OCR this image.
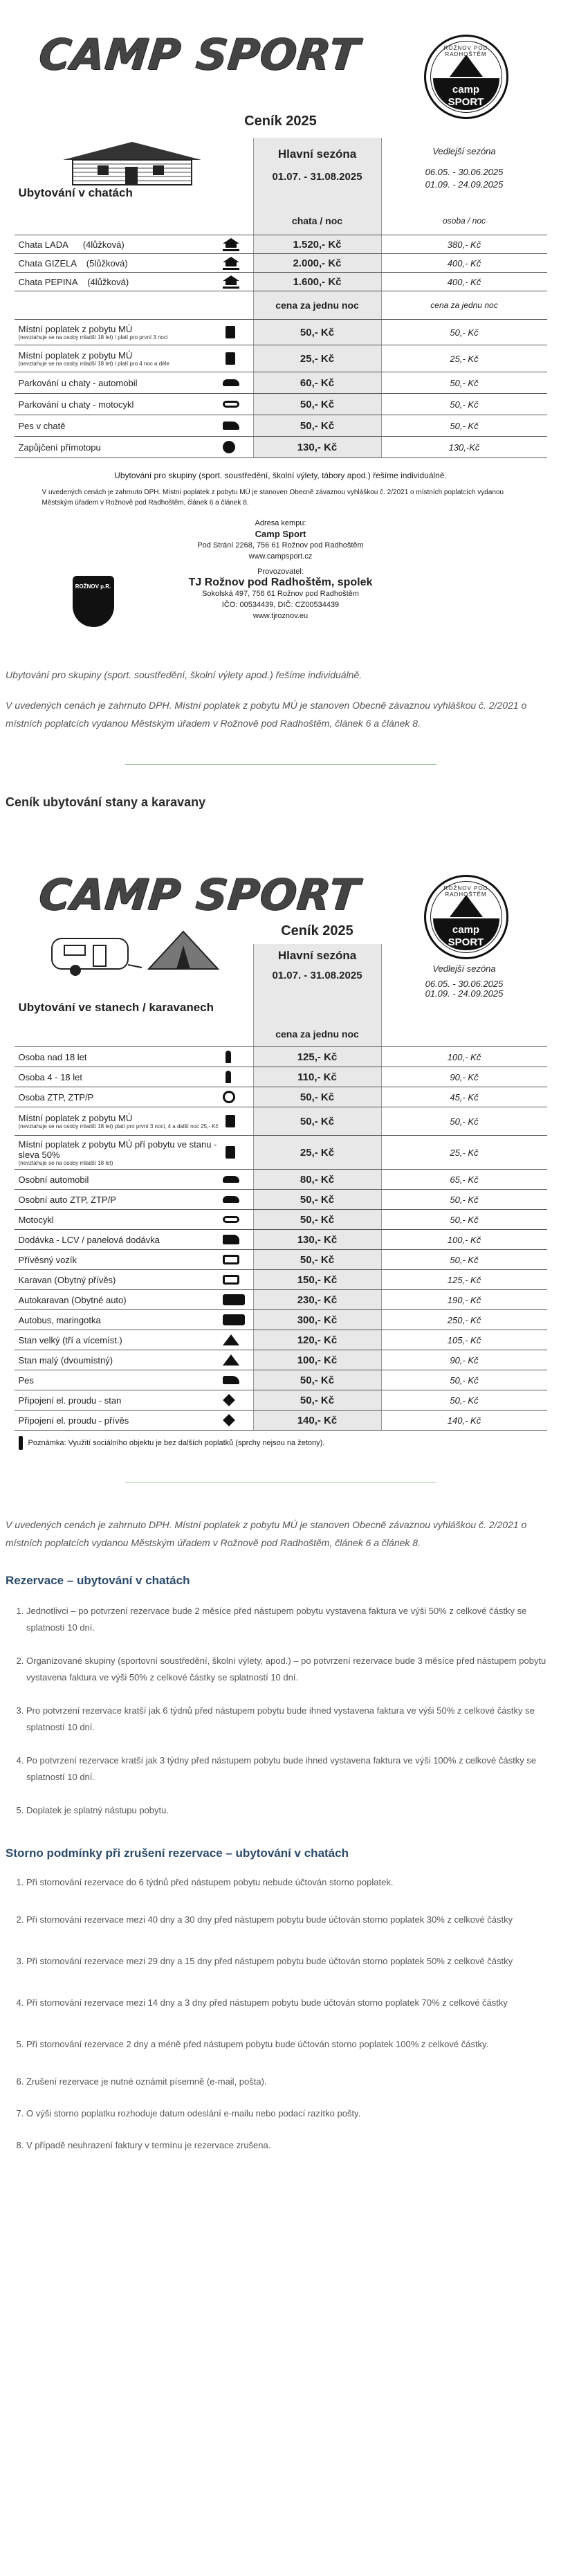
CAMP SPORT	ROŽNOV POD RADHOŠTĚM
camp
SPORT
Ceník 2025
Ubytování v chatách
Hlavní sezóna
01.07. - 31.08.2025
Vedlejší sezóna
06.05. - 30.06.2025
01.09. - 24.09.2025
chata / noc	osoba / noc
Chata LADA      (4lůžková)	1.520,- Kč	380,- Kč
Chata GIZELA    (5lůžková)	2.000,- Kč	400,- Kč
Chata PEPINA    (4lůžková)	1.600,- Kč	400,- Kč
cena za jednu noc	cena za jednu noc
Místní poplatek z pobytu MÚ
(nevztahuje se na osoby mladší 18 let) / platí pro první 3 noci	50,- Kč	50,- Kč
Místní poplatek z pobytu MÚ
(nevztahuje se na osoby mladší 18 let) / platí pro 4 noc a déle	25,- Kč	25,- Kč
Parkování u chaty - automobil	60,- Kč	50,- Kč
Parkování u chaty - motocykl	50,- Kč	50,- Kč
Pes v chatě	50,- Kč	50,- Kč
Zapůjčení přímotopu	130,- Kč	130,-Kč
Ubytování pro skupiny (sport. soustředění, školní výlety, tábory apod.) řešíme individuálně.
V uvedených cenách je zahrnuto DPH. Místní poplatek z pobytu MÚ je stanoven Obecně závaznou vyhláškou č. 2/2021 o místních poplatcích vydanou Městským úřadem v Rožnově pod Radhoštěm, článek 6 a článek 8.
Adresa kempu:
Camp Sport
Pod Strání 2268, 756 61 Rožnov pod Radhoštěm
www.campsport.cz
Provozovatel:
TJ Rožnov pod Radhoštěm, spolek
Sokolská 497, 756 61 Rožnov pod Radhoštěm
IČO: 00534439, DIČ: CZ00534439
www.tjroznov.eu
ROŽNOV p.R.

Ubytování pro skupiny (sport. soustředění, školní výlety apod.) řešíme individuálně.

V uvedených cenách je zahrnuto DPH. Místní poplatek z pobytu MÚ je stanoven Obecně závaznou vyhláškou č. 2/2021 o místních poplatcích vydanou Městským úřadem v Rožnově pod Radhoštěm, článek 6 a článek 8.

Ceník ubytování stany a karavany
CAMP SPORT	ROŽNOV POD RADHOŠTĚM
camp
SPORT
Ubytování ve stanech / karavanech
Ceník 2025
Hlavní sezóna
01.07. - 31.08.2025
Vedlejší sezóna
06.05. - 30.06.2025
01.09. - 24.09.2025
cena za jednu noc
Osoba nad 18 let	125,- Kč	100,- Kč
Osoba 4 - 18 let	110,- Kč	90,- Kč
Osoba ZTP, ZTP/P	50,- Kč	45,- Kč
Místní poplatek z pobytu MÚ
(nevztahuje se na osoby mladší 18 let) platí pro první 3 noci, 4 a další noc 25,- Kč	50,- Kč	50,- Kč
Místní poplatek z pobytu MÚ pří pobytu ve stanu - sleva 50%
(nevztahuje se na osoby mladší 18 let)
25,- Kč	25,- Kč
Osobní automobil	80,- Kč	65,- Kč
Osobní auto ZTP, ZTP/P	50,- Kč	50,- Kč
Motocykl	50,- Kč	50,- Kč
Dodávka - LCV / panelová dodávka	130,- Kč	100,- Kč
Přívěsný vozík	50,- Kč	50,- Kč
Karavan (Obytný přívěs)	150,- Kč	125,- Kč
Autokaravan (Obytné auto)	230,- Kč	190,- Kč
Autobus, maringotka	300,- Kč	250,- Kč
Stan velký (tří a vícemíst.)	120,- Kč	105,- Kč
Stan malý (dvoumístný)	100,- Kč	90,- Kč
Pes	50,- Kč	50,- Kč
Připojení el. proudu - stan	50,- Kč	50,- Kč
Připojení el. proudu - přívěs	140,- Kč	140,- Kč
Poznámka: Využití sociálního objektu je bez dalších poplatků (sprchy nejsou na žetony).

V uvedených cenách je zahrnuto DPH. Místní poplatek z pobytu MÚ je stanoven Obecně závaznou vyhláškou č. 2/2021 o místních poplatcích vydanou Městským úřadem v Rožnově pod Radhoštěm, článek 6 a článek 8.

Rezervace – ubytování v chatách
1. Jednotlivci – po potvrzení rezervace bude 2 měsíce před nástupem pobytu vystavena faktura ve výši 50% z celkové částky se splatností 10 dní.
2. Organizované skupiny (sportovní soustředění, školní výlety, apod.) – po potvrzení rezervace bude 3 měsíce před nástupem pobytu vystavena faktura ve výši 50% z celkové částky se splatností 10 dní.
3. Pro potvrzení rezervace kratší jak 6 týdnů před nástupem pobytu bude ihned vystavena faktura ve výši 50% z celkové částky se splatností 10 dní.
4. Po potvrzení rezervace kratší jak 3 týdny před nástupem pobytu bude ihned vystavena faktura ve výši 100% z celkové částky se splatností 10 dní.
5. Doplatek je splatný nástupu pobytu.
Storno podmínky při zrušení rezervace – ubytování v chatách
1. Při stornování rezervace do 6 týdnů před nástupem pobytu nebude účtován storno poplatek.
2. Při stornování rezervace mezi 40 dny a 30 dny před nástupem pobytu bude účtován storno poplatek 30% z celkové částky
3. Při stornování rezervace mezi 29 dny a 15 dny před nástupem pobytu bude účtován storno poplatek 50% z celkové částky
4. Při stornování rezervace mezi 14 dny a 3 dny před nástupem pobytu bude účtován storno poplatek 70% z celkové částky
5. Při stornování rezervace 2 dny a méně před nástupem pobytu bude účtován storno poplatek 100% z celkové částky.
6. Zrušení rezervace je nutné oznámit písemně (e-mail, pošta).
7. O výši storno poplatku rozhoduje datum odeslání e-mailu nebo podací razítko pošty.
8. V případě neuhrazení faktury v termínu je rezervace zrušena.
